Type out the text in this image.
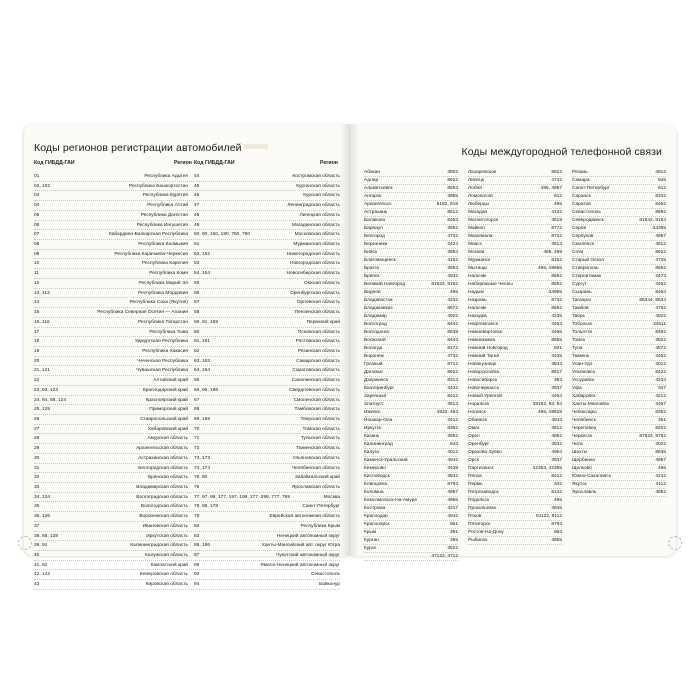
Коды регионов регистрации автомобилей
Код ГИБДД-ГАИ	Регион Код ГИБДД-ГАИ	Регион
01	Республика Адыгея 44	Костромская область
02, 102	Республика Башкортостан 45	Курганская область
03	Республика Бурятия 46	Курская область
04	Республика Алтай 47	Ленинградская область
05	Республика Дагестан 48	Липецкая область
06	Республика Ингушетия 49	Магаданская область
07	Кабардино-Балкарская Республика 50, 90, 150, 190, 750, 790	Московская область
08	Республика Калмыкия 51	Мурманская область
09	Республика Карачаево-Черкесия 52, 152	Нижегородская область
10	Республика Карелия 53	Новгородская область
11	Республика Коми 54, 154	Новосибирская область
12	Республика Марий Эл 55	Омская область
13, 113	Республика Мордовия 56	Оренбургская область
14	Республика Саха (Якутия) 57	Орловская область
15	Республика Северная Осетия — Алания 58	Пензенская область
16, 116	Республика Татарстан 59, 81, 159	Пермский край
17	Республика Тыва 60	Псковская область
18	Удмуртская Республика 61, 161	Ростовская область
19	Республика Хакасия 62	Рязанская область
20	Чеченская Республика 63, 163	Самарская область
21, 121	Чувашская Республика 64, 164	Саратовская область
22	Алтайский край 65	Сахалинская область
23, 93, 123	Краснодарский край 66, 96, 196	Свердловская область
24, 84, 88, 124	Красноярский край 67	Смоленская область
25, 125	Приморский край 68	Тамбовская область
26	Ставропольский край 69, 169	Тверская область
27	Хабаровский край 70	Томская область
28	Амурская область 71	Тульская область
29	Архангельская область 72	Тюменская область
30	Астраханская область 73, 173	Ульяновская область
31	Белгородская область 74, 174	Челябинская область
32	Брянская область 75, 80	Забайкальский край
33	Владимирская область 76	Ярославская область
34, 134	Волгоградская область 77, 97, 99, 177, 197, 199, 277, 299, 777, 799	Москва
35	Вологодская область 78, 98, 178	Санкт-Петербург
36, 136	Воронежская область 79	Еврейская автономная область
37	Ивановская область 82	Республика Крым
38, 85, 138	Иркутская область 83	Ненецкий автономный округ
39, 91	Калининградская область 86, 186	Ханты-Мансийский авт. округ Югра
40	Калужская область 87	Чукотский автономный округ
41, 82	Камчатский край 89	Ямало-Ненецкий автономный округ
42, 142	Кемеровская область 92	Севастополь
43	Кировская область 94	Байконур
Коды междугородной телефонной связи
Абакан	3902
Адлер	8622
Альметьевск	8553
Ангарск	3955
Архангельск	8182, 818
Астрахань	8512
Балаково	8453
Барнаул	3852
Белгород	4722
Березники	3424
Бийск	3854
Благовещенск	4162
Братск	3953
Брянск	4832
Великий Новгород	81622, 8162
Видное	495
Владивосток	4232
Владикавказ	8672
Владимир	4922
Волгоград	8442
Волгодонск	8639
Волжский	8443
Вологда	8172
Воронеж	4732
Грозный	8712
Дагомыс	8622
Дзержинск	8313
Екатеринбург	3432
Заречный	8412
Златоуст	3513
Ижевск	4932, 493
Йошкар-Ола	3412
Иркутск	8362
Казань	3952
Калининград	843
Калуга	4012
Каменск-Уральский	4842
Кемерово	3439
Кисловодск	3842
Клинцовск	8793
Коломна	4967
Комсомольск-На-Амуре	4966
Кострома	4217
Краснодар	4942
Красноярск	861
Крым	391
Курган	365
Курск	3522
47122, 4712
Лазаревское	8622
Липецк	4742
Лобня	495, 4967
Ломоносов	812
Люберцы	495
Магадан	4132
Магнитогорск	3519
Майкоп	8772
Махачкала	8722
Миасс	3513
Москва	495, 499
Мурманск	8152
Мытищи	495, 49656
Нальчик	8662
Набережные Челны	8552
Надым	34995
Назрань	8732
Нальчик	8662
Находка	4236
Нефтеюганск	3463
Нижневартовск	3466
Нижнекамск	8555
Нижний Новгород	831
Нижний Тагил	3435
Новокузнецк	3843
Новороссийск	8617
Новосибирск	383
Новочеркасск	3537
Новый Уренгой	3494
Норильск	39192, 93, 94
Ногинск	495, 49628
Обнинск	4843
Омск	3812
Орел	4862
Оренбург	3532
Орехово-Зуево	4964
Орск	3537
Партизанск	42363, 42365
Пенза	8412
Пермь	342
Петрозаводск	8142
Подольск	495
Прокопьевск	3846
Псков	81122, 8112
Пятигорск	8793
Ростов-На-Дону	863
Рыбинск	4855
Рязань	4912
Самара	846
Санкт-Петербург	812
Саранск	8342
Саратов	8452
Севастополь	8692
Северодвинск	81842, 8184
Серов	34385
Серпухов	4967
Смоленск	4812
Сочи	8622
Старый Оскол	4725
Ставрополь	8652
Стерлитамак	3473
Сургут	3462
Сызрань	8464
Таганрог	86344, 8634
Тамбов	4752
Тверь	4822
Тобольск	34511
Тольятти	8482
Томск	3822
Тула	4872
Тюмень	3452
Улан-Удэ	3012
Ульяновск	8422
Уссурийск	4234
Уфа	347
Хабаровск	4212
Ханты-Мансийск	3467
Чебоксары	8352
Челябинск	351
Череповец	8202
Черкесск	87822, 8782
Чита	3022
Шахты	8636
Щербинка	4967
Щелково	496
Южно-Сахалинск	4242
Якутск	4112
Ярославль	4852
